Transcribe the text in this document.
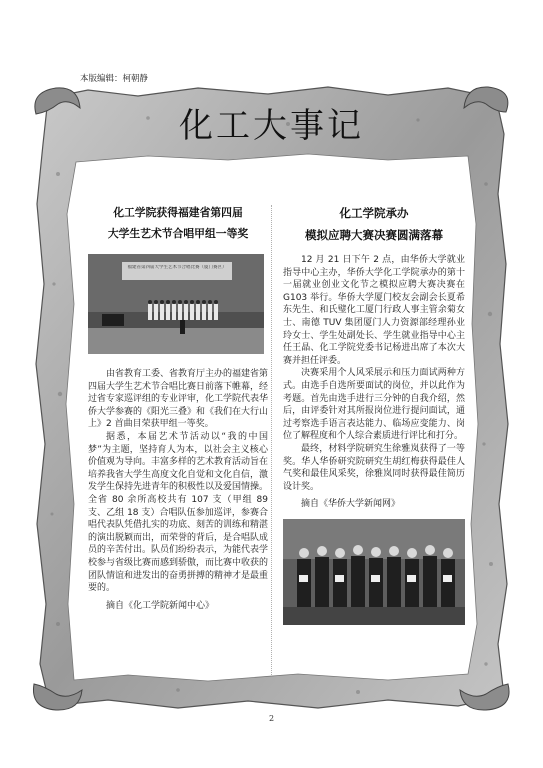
本版编辑：柯朝静
化工大事记
化工学院获得福建省第四届
大学生艺术节合唱甲组一等奖
福建省第四届大学生艺术节合唱比赛（厦门赛区）

由省教育工委、省教育厅主办的福建省第四届大学生艺术节合唱比赛日前落下帷幕，经过省专家巡评组的专业评审，化工学院代表华侨大学参赛的《阳光三叠》和《我们在大行山上》2 首曲目荣获甲组一等奖。

据悉，本届艺术节活动以“我的中国梦”为主题，坚持育人为本，以社会主义核心价值观为导向。丰富多样的艺术教育活动旨在培养我省大学生高度文化自觉和文化自信，激发学生保持先进青年的积极性以及爱国情操。全省 80 余所高校共有 107 支（甲组 89 支、乙组 18 支）合唱队伍参加巡评，参赛合唱代表队凭借扎实的功底、刻苦的训练和精湛的演出脱颖而出，而荣誉的背后，是合唱队成员的辛苦付出。队员们纷纷表示，为能代表学校参与省级比赛而感到骄傲，而比赛中收获的团队情谊和进发出的奋勇拼搏的精神才是最重要的。

摘自《化工学院新闻中心》
化工学院承办
模拟应聘大赛决赛圆满落幕

12 月 21 日下午 2 点，由华侨大学就业指导中心主办，华侨大学化工学院承办的第十一届就业创业文化节之模拟应聘大赛决赛在 G103 举行。华侨大学厦门校友会副会长夏希东先生、和氏璧化工厦门行政人事主管余菊女士、南德 TUV 集团厦门人力资源部经理孙业玲女士、学生处副处长、学生就业指导中心主任王晶、化工学院党委书记杨进出席了本次大赛并担任评委。

决赛采用个人风采展示和压力面试两种方式。由选手自选所要面试的岗位，并以此作为考题。首先由选手进行三分钟的自我介绍，然后，由评委针对其所报岗位进行提问面试，通过考察选手语言表达能力、临场应变能力、岗位了解程度和个人综合素质进行评比和打分。

最终，材料学院研究生徐雅岚获得了一等奖。华人华侨研究院研究生胡红梅获得最佳人气奖和最佳风采奖，徐雅岚同时获得最佳简历设计奖。

摘自《华侨大学新闻网》
2
